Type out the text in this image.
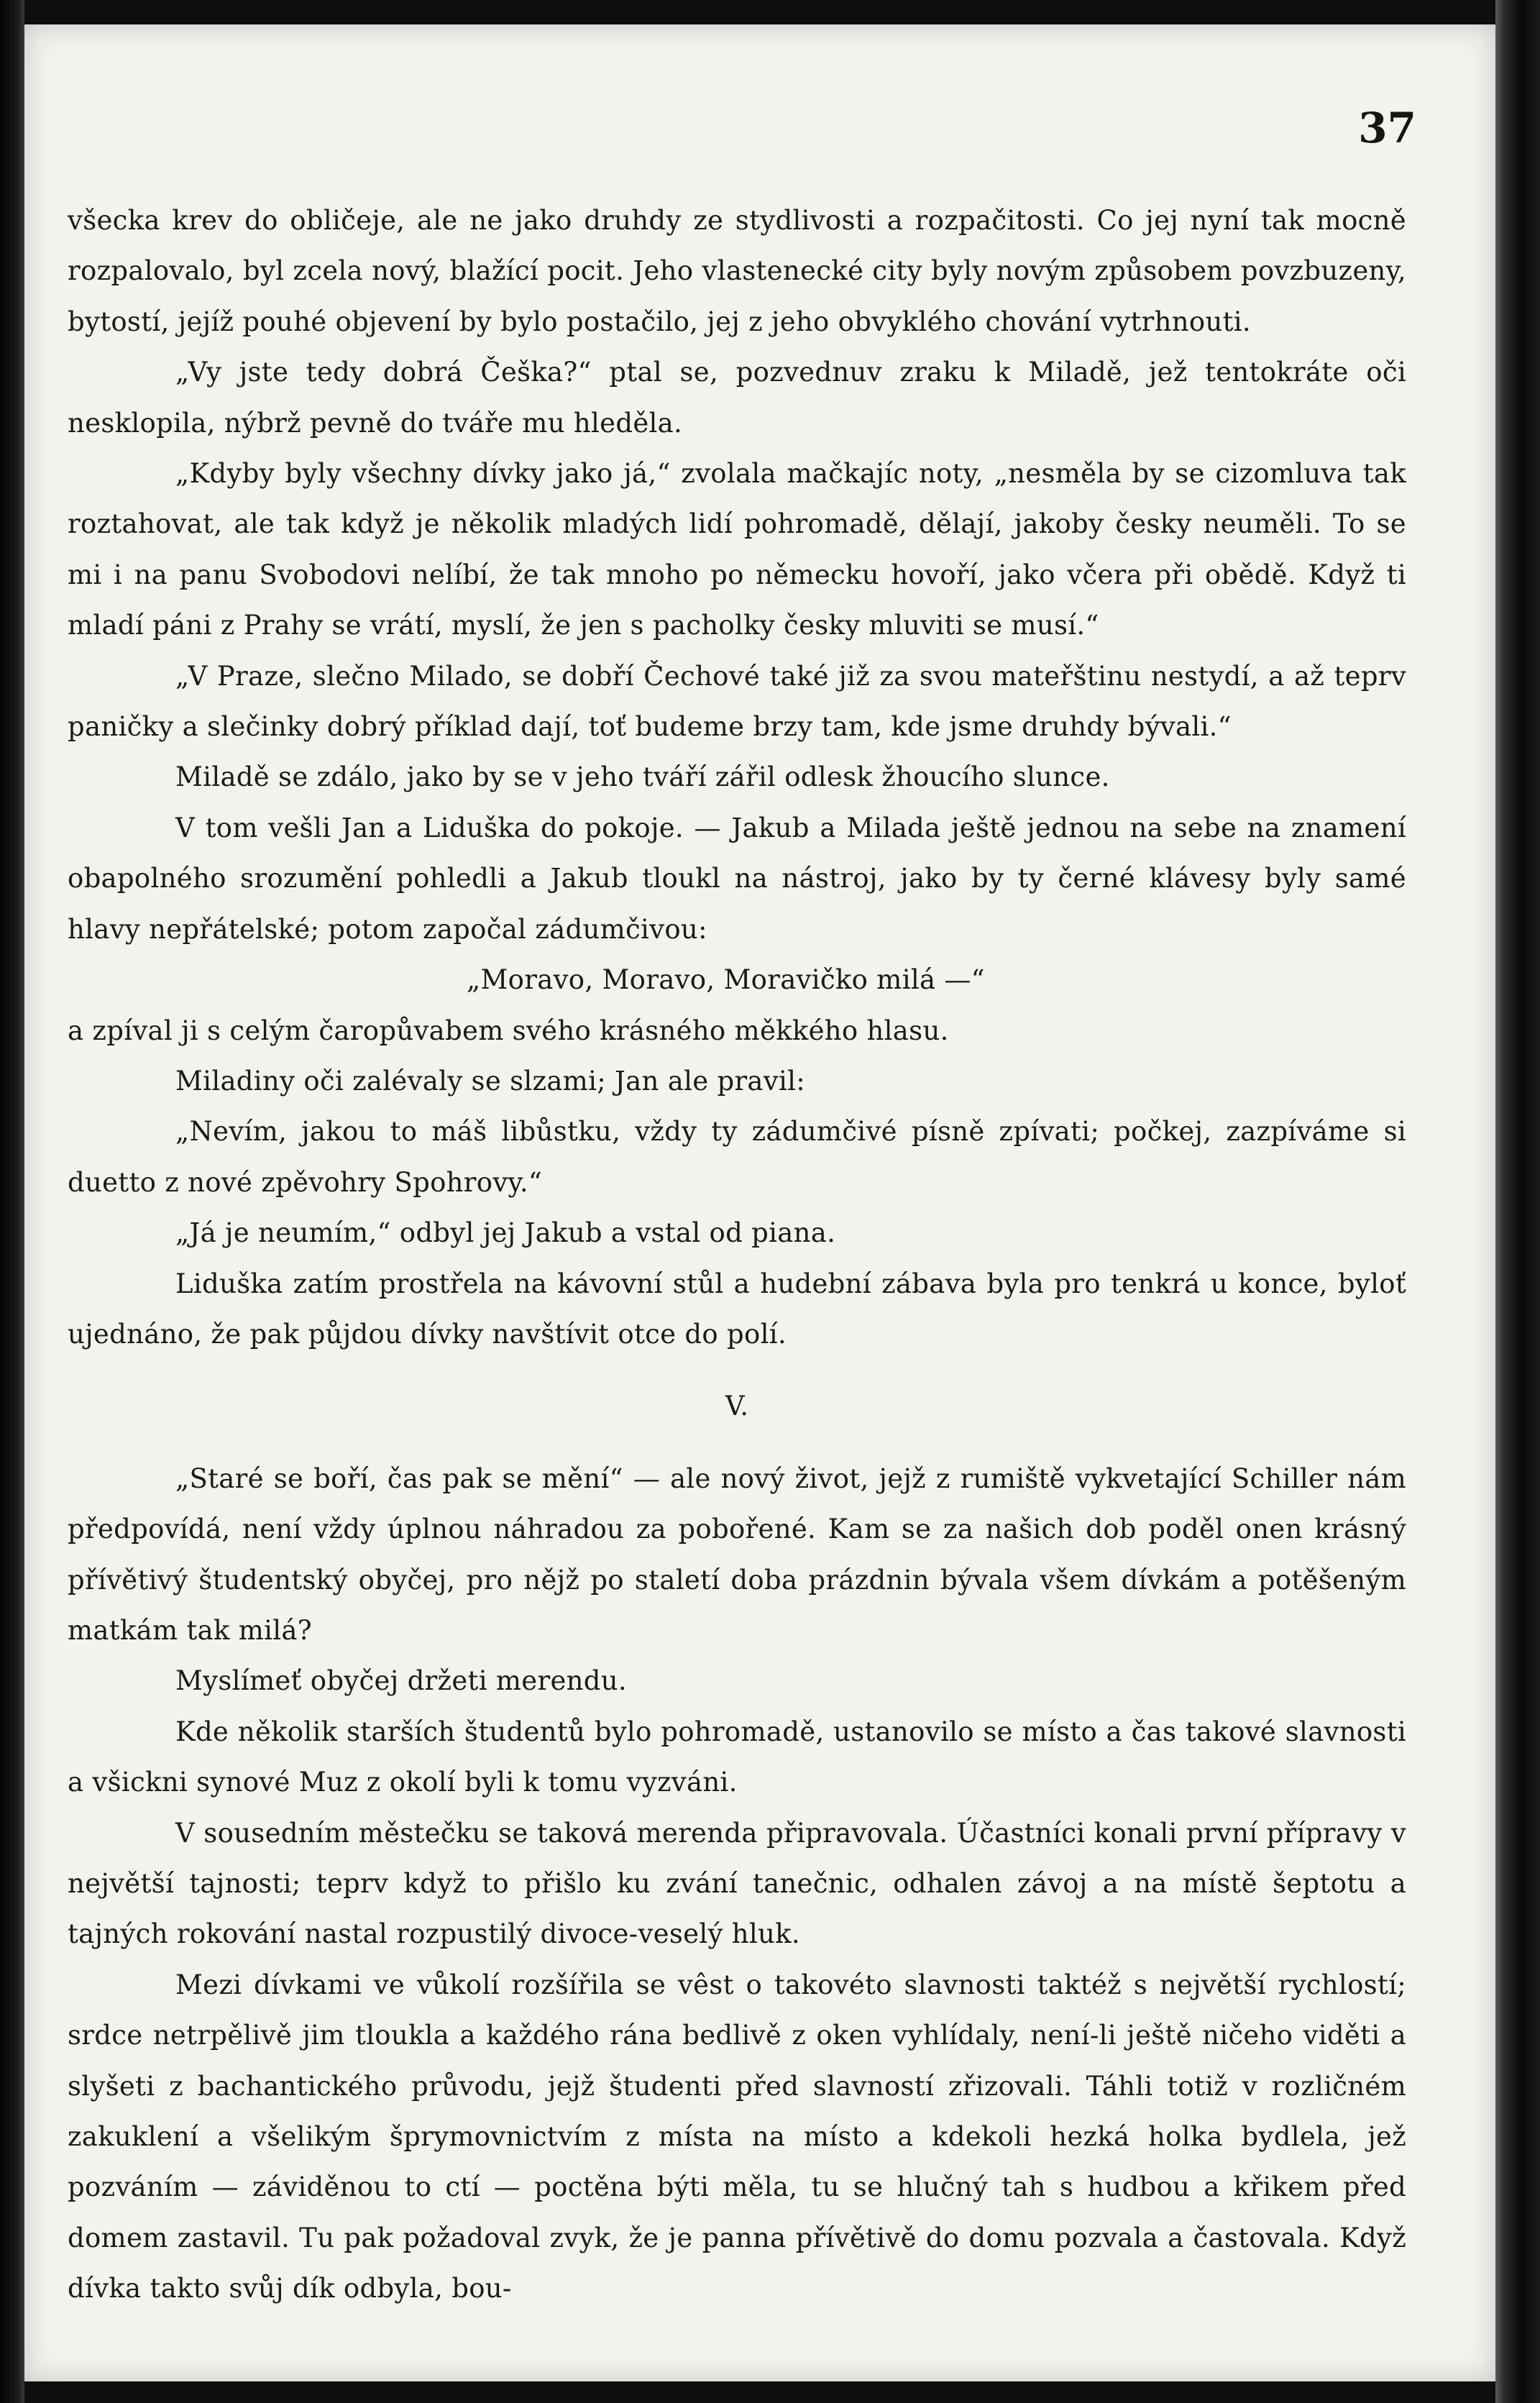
37

všecka krev do obličeje, ale ne jako druhdy ze stydlivosti a rozpačitosti. Co jej nyní tak mocně rozpalovalo, byl zcela nový, blažící pocit. Jeho vlastenecké city byly novým způsobem povzbuzeny, bytostí, jejíž pouhé objevení by bylo postačilo, jej z jeho obvyklého chování vytrhnouti.

„Vy jste tedy dobrá Češka?“ ptal se, pozvednuv zraku k Miladě, jež tentokráte oči nesklopila, nýbrž pevně do tváře mu hleděla.

„Kdyby byly všechny dívky jako já,“ zvolala mačkajíc noty, „nesměla by se cizomluva tak roztahovat, ale tak když je několik mladých lidí pohromadě, dělají, jakoby česky neuměli. To se mi i na panu Svobodovi nelíbí, že tak mnoho po německu hovoří, jako včera při obědě. Když ti mladí páni z Prahy se vrátí, myslí, že jen s pacholky česky mluviti se musí.“

„V Praze, slečno Milado, se dobří Čechové také již za svou mateřštinu nestydí, a až teprv paničky a slečinky dobrý příklad dají, toť budeme brzy tam, kde jsme druhdy bývali.“

Miladě se zdálo, jako by se v jeho tváří zářil odlesk žhoucího slunce.

V tom vešli Jan a Liduška do pokoje. — Jakub a Milada ještě jednou na sebe na znamení obapolného srozumění pohledli a Jakub tloukl na nástroj, jako by ty černé klávesy byly samé hlavy nepřátelské; potom započal zádumčivou:

„Moravo, Moravo, Moravičko milá —“

a zpíval ji s celým čaropůvabem svého krásného měkkého hlasu.

Miladiny oči zalévaly se slzami; Jan ale pravil:

„Nevím, jakou to máš libůstku, vždy ty zádumčivé písně zpívati; počkej, zazpíváme si duetto z nové zpěvohry Spohrovy.“

„Já je neumím,“ odbyl jej Jakub a vstal od piana.

Liduška zatím prostřela na kávovní stůl a hudební zábava byla pro tenkrá u konce, byloť ujednáno, že pak půjdou dívky navštívit otce do polí.

V.

„Staré se boří, čas pak se mění“ — ale nový život, jejž z rumiště vykvetající Schiller nám předpovídá, není vždy úplnou náhradou za pobořené. Kam se za našich dob poděl onen krásný přívětivý študentský obyčej, pro nějž po staletí doba prázdnin bývala všem dívkám a potěšeným matkám tak milá?

Myslímeť obyčej držeti merendu.

Kde několik starších študentů bylo pohromadě, ustanovilo se místo a čas takové slavnosti a všickni synové Muz z okolí byli k tomu vyzváni.

V sousedním městečku se taková merenda připravovala. Účastníci konali první přípravy v největší tajnosti; teprv když to přišlo ku zvání tanečnic, odhalen závoj a na místě šeptotu a tajných rokování nastal rozpustilý divoce-veselý hluk.

Mezi dívkami ve vůkolí rozšířila se vêst o takovéto slavnosti taktéž s největší rychlostí; srdce netrpělivě jim tloukla a každého rána bedlivě z oken vyhlídaly, není-li ještě ničeho viděti a slyšeti z bachantického průvodu, jejž študenti před slavností zřizovali. Táhli totiž v rozličném zakuklení a všelikým šprymovnictvím z místa na místo a kdekoli hezká holka bydlela, jež pozváním — záviděnou to ctí — poctěna býti měla, tu se hlučný tah s hudbou a křikem před domem zastavil. Tu pak požadoval zvyk, že je panna přívětivě do domu pozvala a častovala. Když dívka takto svůj dík odbyla, bou-
